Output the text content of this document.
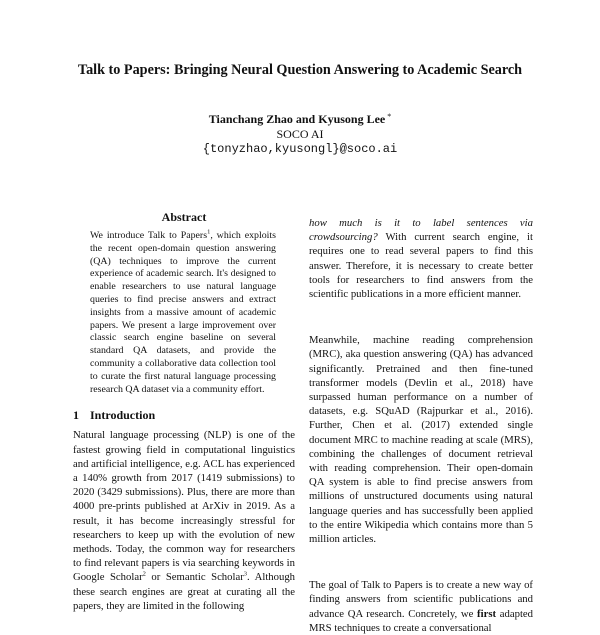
Talk to Papers: Bringing Neural Question Answering to Academic Search
Tianchang Zhao and Kyusong Lee *
SOCO AI
{tonyzhao,kyusongl}@soco.ai
Abstract

We introduce Talk to Papers$^1$, which exploits the recent open-domain question answering (QA) techniques to improve the current experience of academic search. It's designed to enable researchers to use natural language queries to find precise answers and extract insights from a massive amount of academic papers. We present a large improvement over classic search engine baseline on several standard QA datasets, and provide the community a collaborative data collection tool to curate the first natural language processing research QA dataset via a community effort.

1 Introduction

Natural language processing (NLP) is one of the fastest growing field in computational linguistics and artificial intelligence, e.g. ACL has experienced a 140% growth from 2017 (1419 submissions) to 2020 (3429 submissions). Plus, there are more than 4000 pre-prints published at ArXiv in 2019. As a result, it has become increasingly stressful for researchers to keep up with the evolution of new methods. Today, the common way for researchers to find relevant papers is via searching keywords in Google Scholar$^2$ or Semantic Scholar$^3$. Although these search engines are great at curating all the papers, they are limited in the following

how much is it to label sentences via crowdsourcing? With current search engine, it requires one to read several papers to find this answer. Therefore, it is necessary to create better tools for researchers to find answers from the scientific publications in a more efficient manner.

Meanwhile, machine reading comprehension (MRC), aka question answering (QA) has advanced significantly. Pretrained and then fine-tuned transformer models (Devlin et al., 2018) have surpassed human performance on a number of datasets, e.g. SQuAD (Rajpurkar et al., 2016). Further, Chen et al. (2017) extended single document MRC to machine reading at scale (MRS), combining the challenges of document retrieval with reading comprehension. Their open-domain QA system is able to find precise answers from millions of unstructured documents using natural language queries and has successfully been applied to the entire Wikipedia which contains more than 5 million articles.

The goal of Talk to Papers is to create a new way of finding answers from scientific publications and advance QA research. Concretely, we first adapted MRS techniques to create a conversational
